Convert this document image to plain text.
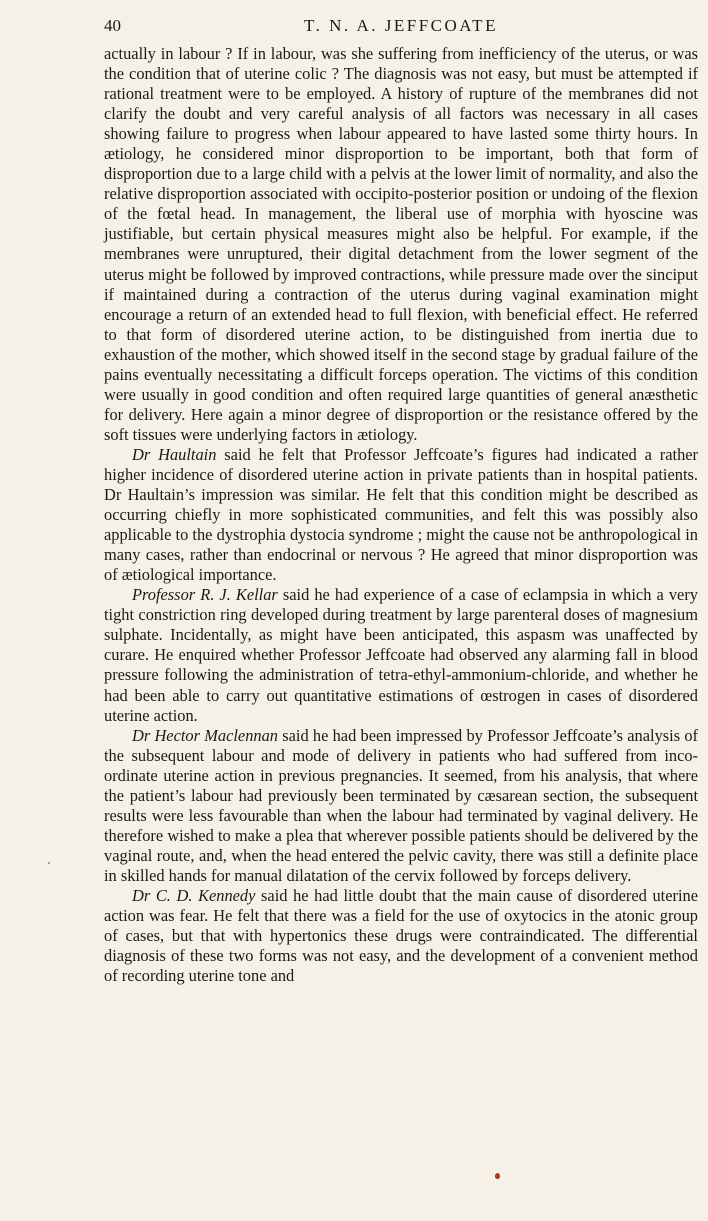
40	T. N. A. JEFFCOATE

actually in labour ? If in labour, was she suffering from inefficiency of the uterus, or was the condition that of uterine colic ? The diagnosis was not easy, but must be attempted if rational treatment were to be employed. A history of rupture of the membranes did not clarify the doubt and very careful analysis of all factors was necessary in all cases showing failure to progress when labour appeared to have lasted some thirty hours. In ætiology, he considered minor disproportion to be important, both that form of disproportion due to a large child with a pelvis at the lower limit of normality, and also the relative disproportion associated with occipito-posterior position or undoing of the flexion of the fœtal head. In management, the liberal use of morphia with hyoscine was justifiable, but certain physical measures might also be helpful. For example, if the membranes were unruptured, their digital detachment from the lower segment of the uterus might be followed by improved contractions, while pressure made over the sinciput if maintained during a contraction of the uterus during vaginal examination might encourage a return of an extended head to full flexion, with beneficial effect. He referred to that form of disordered uterine action, to be distinguished from inertia due to exhaustion of the mother, which showed itself in the second stage by gradual failure of the pains eventually necessitating a difficult forceps operation. The victims of this condition were usually in good condition and often required large quantities of general anæsthetic for delivery. Here again a minor degree of disproportion or the resistance offered by the soft tissues were underlying factors in ætiology.

Dr Haultain said he felt that Professor Jeffcoate’s figures had indicated a rather higher incidence of disordered uterine action in private patients than in hospital patients. Dr Haultain’s impression was similar. He felt that this condition might be described as occurring chiefly in more sophisticated communities, and felt this was possibly also applicable to the dystrophia dystocia syndrome ; might the cause not be anthropological in many cases, rather than endocrinal or nervous ? He agreed that minor disproportion was of ætiological importance.

Professor R. J. Kellar said he had experience of a case of eclampsia in which a very tight constriction ring developed during treatment by large parenteral doses of magnesium sulphate. Incidentally, as might have been anticipated, this aspasm was unaffected by curare. He enquired whether Professor Jeffcoate had observed any alarming fall in blood pressure following the administration of tetra-ethyl-ammonium-chloride, and whether he had been able to carry out quantitative estimations of œstrogen in cases of disordered uterine action.

Dr Hector Maclennan said he had been impressed by Professor Jeffcoate’s analysis of the subsequent labour and mode of delivery in patients who had suffered from inco-ordinate uterine action in previous pregnancies. It seemed, from his analysis, that where the patient’s labour had previously been terminated by cæsarean section, the subsequent results were less favourable than when the labour had terminated by vaginal delivery. He therefore wished to make a plea that wherever possible patients should be delivered by the vaginal route, and, when the head entered the pelvic cavity, there was still a definite place in skilled hands for manual dilatation of the cervix followed by forceps delivery.

Dr C. D. Kennedy said he had little doubt that the main cause of disordered uterine action was fear. He felt that there was a field for the use of oxytocics in the atonic group of cases, but that with hypertonics these drugs were contraindicated. The differential diagnosis of these two forms was not easy, and the development of a convenient method of recording uterine tone and
